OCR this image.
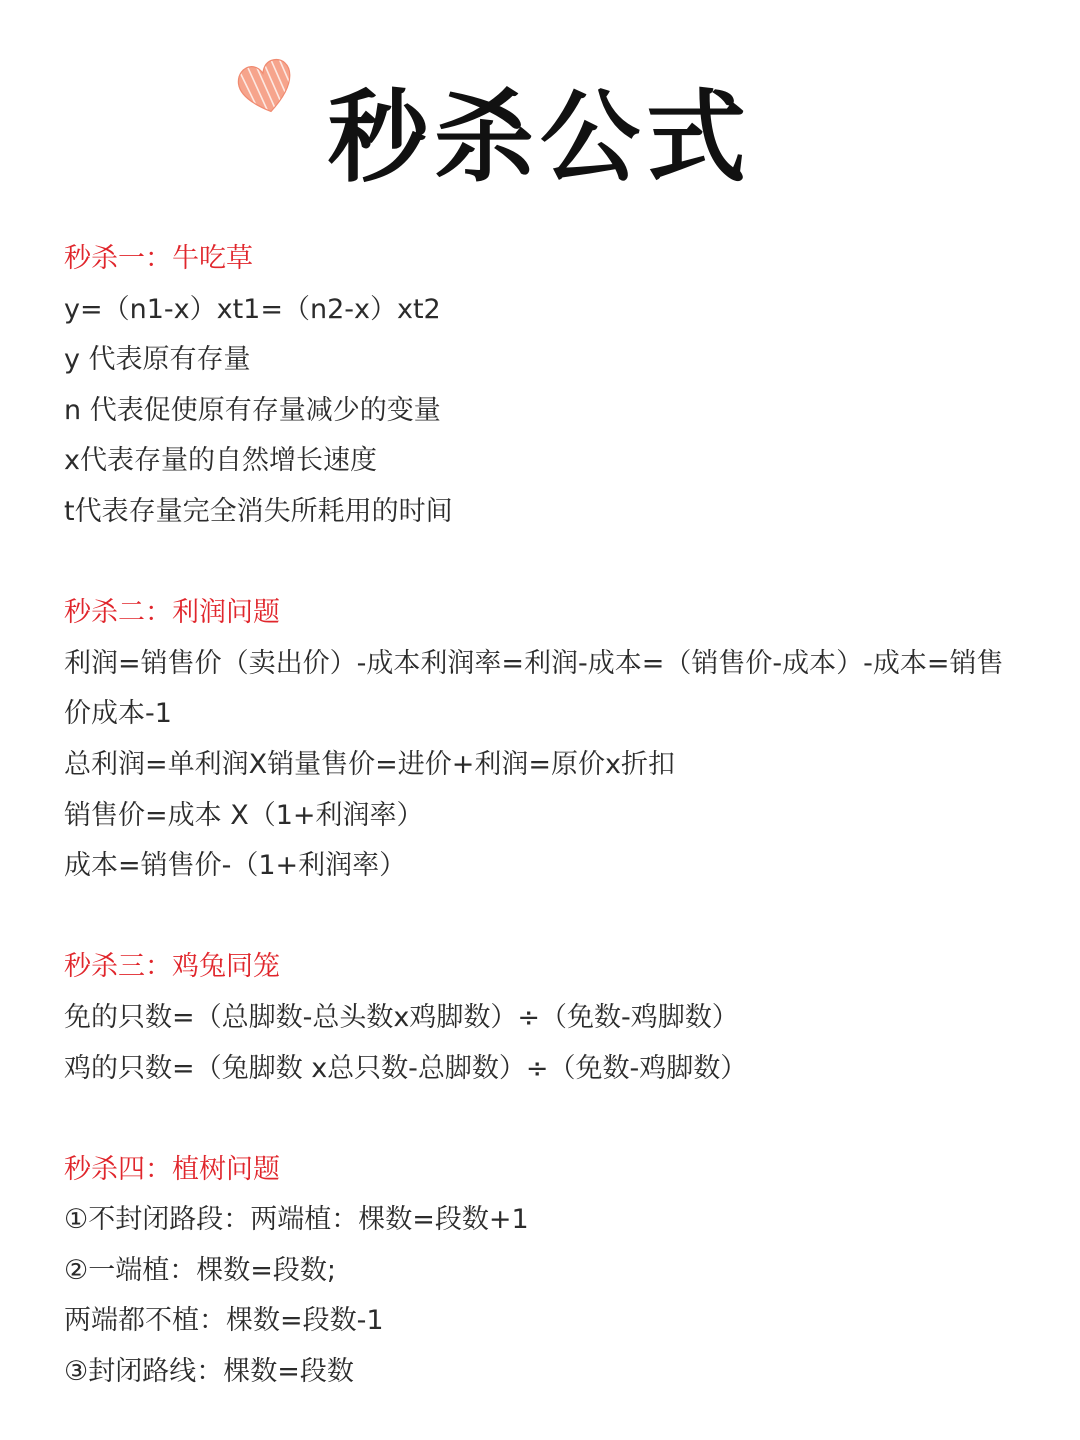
秒杀公式
秒杀一：牛吃草
y=（n1-x）xt1=（n2-x）xt2
y 代表原有存量
n 代表促使原有存量减少的变量
x代表存量的自然增长速度
t代表存量完全消失所耗用的时间
秒杀二：利润问题
利润=销售价（卖出价）-成本利润率=利润-成本=（销售价-成本）-成本=销售价成本-1
总利润=单利润X销量售价=进价+利润=原价x折扣
销售价=成本 X（1+利润率）
成本=销售价-（1+利润率）
秒杀三：鸡兔同笼
免的只数=（总脚数-总头数x鸡脚数）÷（免数-鸡脚数）
鸡的只数=（兔脚数 x总只数-总脚数）÷（免数-鸡脚数）
秒杀四：植树问题
①不封闭路段：两端植：棵数=段数+1
②一端植：棵数=段数;
两端都不植：棵数=段数-1
③封闭路线：棵数=段数
